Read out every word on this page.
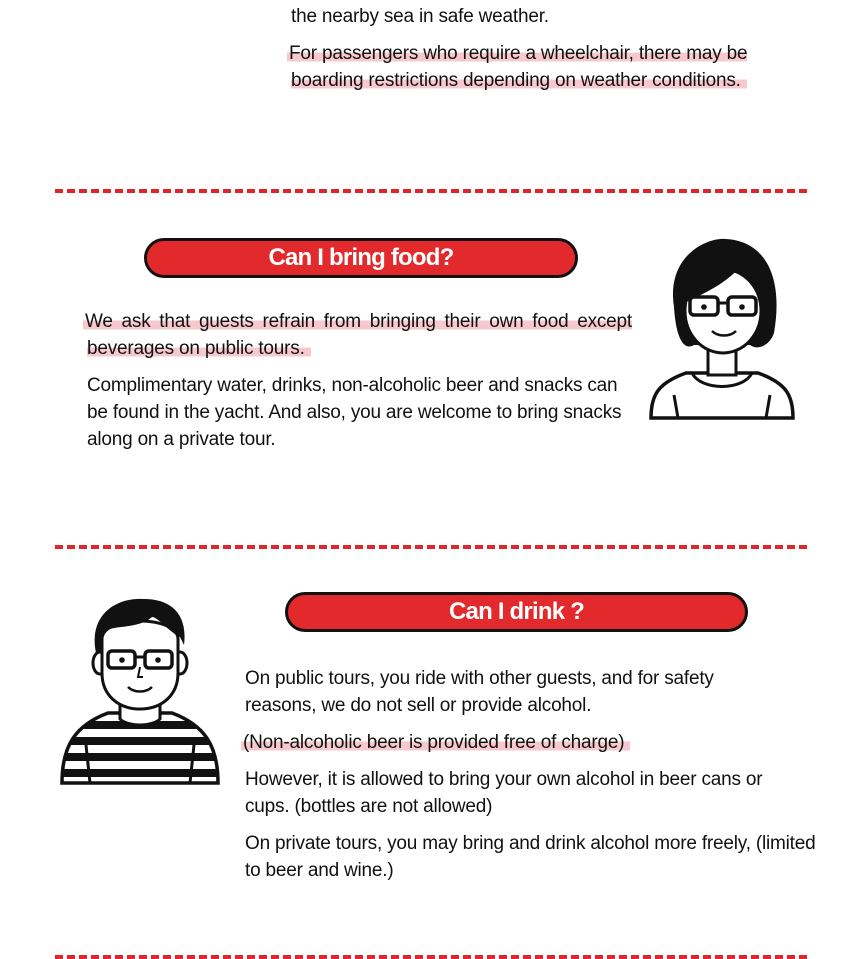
the nearby sea in safe weather.

For passengers who require a wheelchair, there may be boarding restrictions depending on weather conditions.

Can I bring food?

We ask that guests refrain from bringing their own food except beverages on public tours.

Complimentary water, drinks, non-alcoholic beer and snacks can be found in the yacht. And also, you are welcome to bring snacks along on a private tour.

Can I drink ?

On public tours, you ride with other guests, and for safety reasons, we do not sell or provide alcohol.

(Non-alcoholic beer is provided free of charge)

However, it is allowed to bring your own alcohol in beer cans or cups. (bottles are not allowed)

On private tours, you may bring and drink alcohol more freely, (limited to beer and wine.)
